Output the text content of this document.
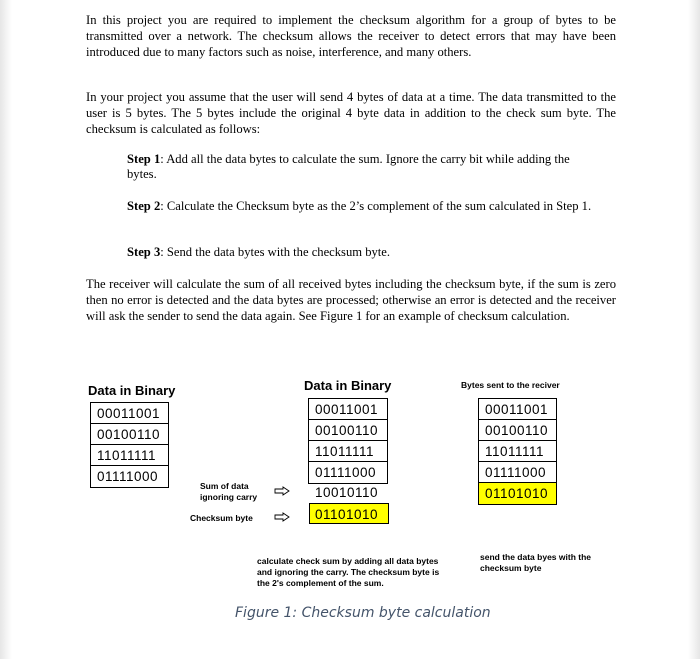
In this project you are required to implement the checksum algorithm for a group of bytes to be transmitted over a network. The checksum allows the receiver to detect errors that may have been introduced due to many factors such as noise, interference, and many others.

In your project you assume that the user will send 4 bytes of data at a time. The data transmitted to the user is 5 bytes. The 5 bytes include the original 4 byte data in addition to the check sum byte. The checksum is calculated as follows:

Step 1: Add all the data bytes to calculate the sum. Ignore the carry bit while adding the bytes.

Step 2: Calculate the Checksum byte as the 2’s complement of the sum calculated in Step 1.

Step 3: Send the data bytes with the checksum byte.

The receiver will calculate the sum of all received bytes including the checksum byte, if the sum is zero then no error is detected and the data bytes are processed; otherwise an error is detected and the receiver will ask the sender to send the data again. See Figure 1 for an example of checksum calculation.

Data in Binary
00011001
00100110
11011111
01111000
Data in Binary
00011001
00100110
11011111
01111000
10010110
01101010
Sum of data ignoring carry
Checksum byte
Bytes sent to the reciver
00011001
00100110
11011111
01111000
01101010
calculate check sum by adding all data bytes and ignoring the carry. The checksum byte is the 2's complement of the sum.
send the data byes with the checksum byte
Figure 1: Checksum byte calculation
